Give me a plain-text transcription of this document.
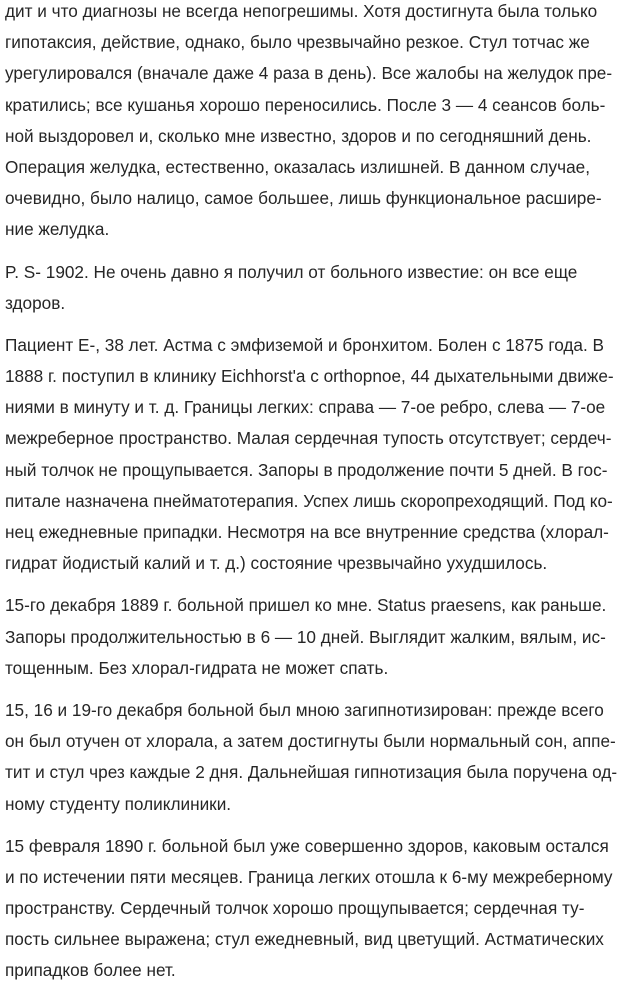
дит и что диагнозы не всегда непогрешимы. Хотя достигнута была только
гипотаксия, действие, однако, было чрезвычайно резкое. Стул тотчас же
урегулировался (вначале даже 4 раза в день). Все жалобы на желудок пре-
кратились; все кушанья хорошо переносились. После 3 — 4 сеансов боль-
ной выздоровел и, сколько мне известно, здоров и по сегодняшний день.
Операция желудка, естественно, оказалась излишней. В данном случае,
очевидно, было налицо, самое большее, лишь функциональное расшире-
ние желудка.
P. S- 1902. Не очень давно я получил от больного известие: он все еще
здоров.
Пациент Е-, 38 лет. Астма с эмфиземой и бронхитом. Болен с 1875 года. В
1888 г. поступил в клинику Eichhorst'a с orthopnoe, 44 дыхательными движе-
ниями в минуту и т. д. Границы легких: справа — 7-ое ребро, слева — 7-ое
межреберное пространство. Малая сердечная тупость отсутствует; сердеч-
ный толчок не прощупывается. Запоры в продолжение почти 5 дней. В гос-
питале назначена пнейматотерапия. Успех лишь скоропреходящий. Под ко-
нец ежедневные припадки. Несмотря на все внутренние средства (хлорал-
гидрат йодистый калий и т. д.) состояние чрезвычайно ухудшилось.
15-го декабря 1889 г. больной пришел ко мне. Status praesens, как раньше.
Запоры продолжительностью в 6 — 10 дней. Выглядит жалким, вялым, ис-
тощенным. Без хлорал-гидрата не может спать.
15, 16 и 19-го декабря больной был мною загипнотизирован: прежде всего
он был отучен от хлорала, а затем достигнуты были нормальный сон, аппе-
тит и стул чрез каждые 2 дня. Дальнейшая гипнотизация была поручена од-
ному студенту поликлиники.
15 февраля 1890 г. больной был уже совершенно здоров, каковым остался
и по истечении пяти месяцев. Граница легких отошла к 6-му межреберному
пространству. Сердечный толчок хорошо прощупывается; сердечная ту-
пость сильнее выражена; стул ежедневный, вид цветущий. Астматических
припадков более нет.
